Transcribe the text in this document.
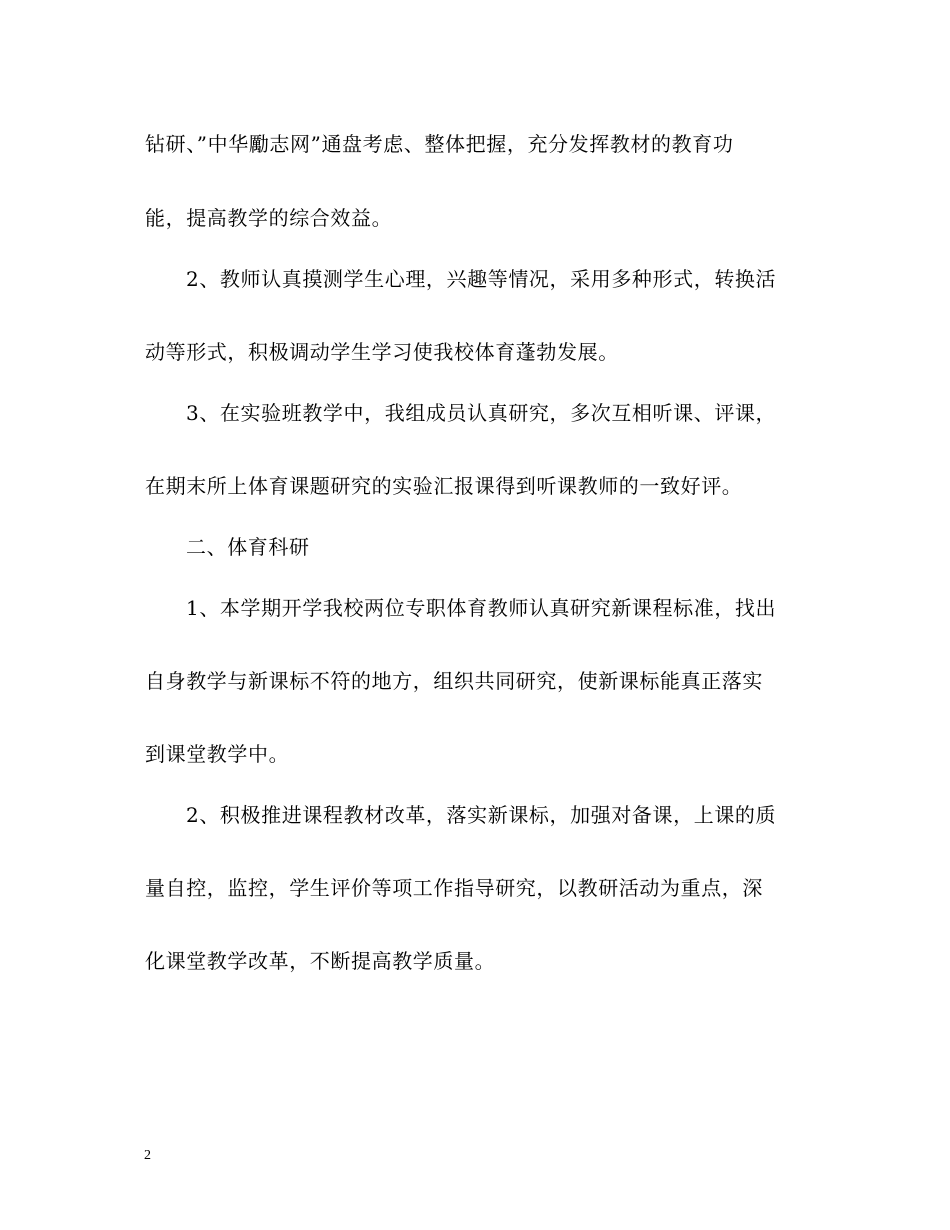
钻研、”中华勵志网”通盘考虑、整体把握，充分发挥教材的教育功
能，提高教学的综合效益。
2、教师认真摸测学生心理，兴趣等情况，采用多种形式，转换活
动等形式，积极调动学生学习使我校体育蓬勃发展。
3、在实验班教学中，我组成员认真研究，多次互相听课、评课，
在期末所上体育课题研究的实验汇报课得到听课教师的一致好评。
二、体育科研
1、本学期开学我校两位专职体育教师认真研究新课程标准，找出
自身教学与新课标不符的地方，组织共同研究，使新课标能真正落实
到课堂教学中。
2、积极推进课程教材改革，落实新课标，加强对备课，上课的质
量自控，监控，学生评价等项工作指导研究，以教研活动为重点，深
化课堂教学改革，不断提高教学质量。
2
